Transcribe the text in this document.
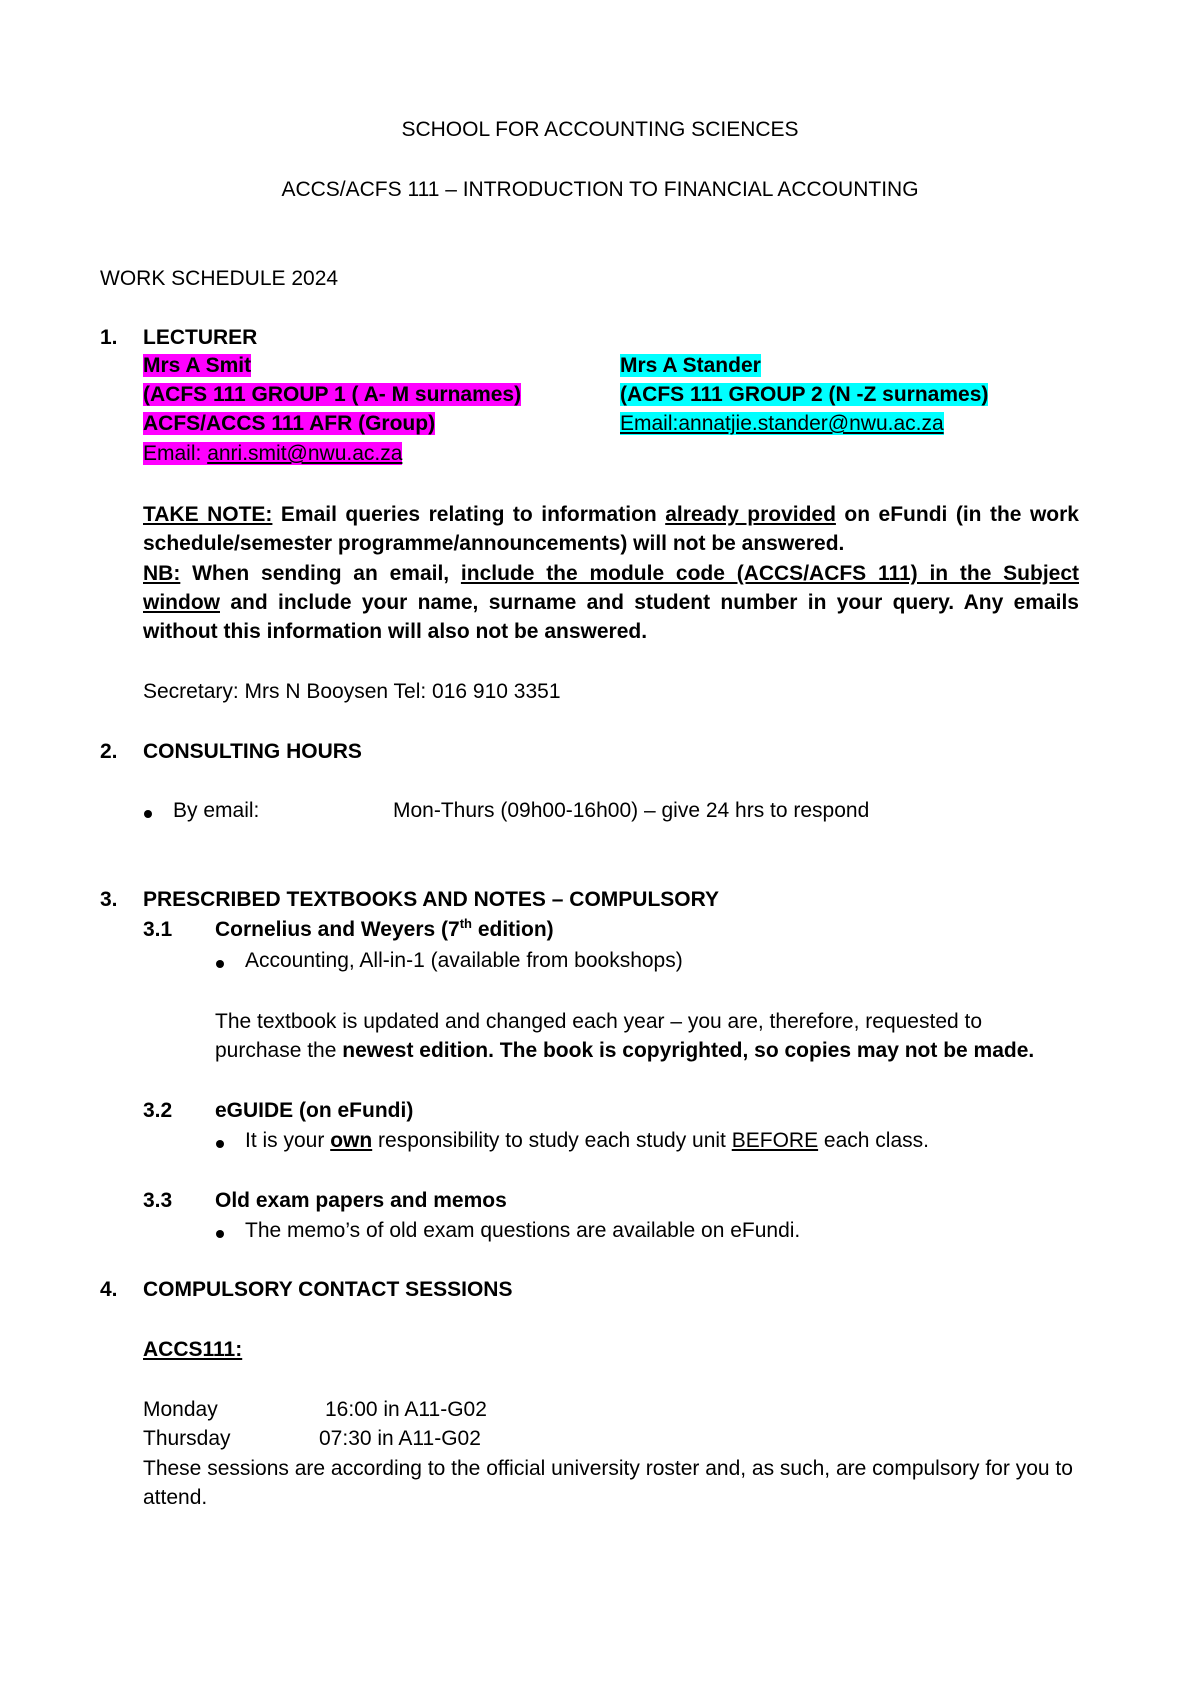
SCHOOL FOR ACCOUNTING SCIENCES
ACCS/ACFS 111 – INTRODUCTION TO FINANCIAL ACCOUNTING
WORK SCHEDULE 2024
1. LECTURER
Mrs A Smit
(ACFS 111 GROUP 1 ( A- M surnames)
ACFS/ACCS 111 AFR (Group)
Email: anri.smit@nwu.ac.za
Mrs A Stander
(ACFS 111 GROUP 2 (N -Z surnames)
Email:annatjie.stander@nwu.ac.za
TAKE NOTE: Email queries relating to information already provided on eFundi (in the work schedule/semester programme/announcements) will not be answered.
NB: When sending an email, include the module code (ACCS/ACFS 111) in the Subject window and include your name, surname and student number in your query. Any emails without this information will also not be answered.
Secretary: Mrs N Booysen Tel: 016 910 3351
2. CONSULTING HOURS
By email:	Mon-Thurs (09h00-16h00) – give 24 hrs to respond
3. PRESCRIBED TEXTBOOKS AND NOTES – COMPULSORY
3.1 Cornelius and Weyers (7th edition)
Accounting, All-in-1 (available from bookshops)
The textbook is updated and changed each year – you are, therefore, requested to purchase the newest edition. The book is copyrighted, so copies may not be made.
3.2 eGUIDE (on eFundi)
It is your own responsibility to study each study unit BEFORE each class.
3.3 Old exam papers and memos
The memo’s of old exam questions are available on eFundi.
4. COMPULSORY CONTACT SESSIONS
ACCS111:
Monday	16:00 in A11-G02
Thursday	07:30 in A11-G02
These sessions are according to the official university roster and, as such, are compulsory for you to attend.
